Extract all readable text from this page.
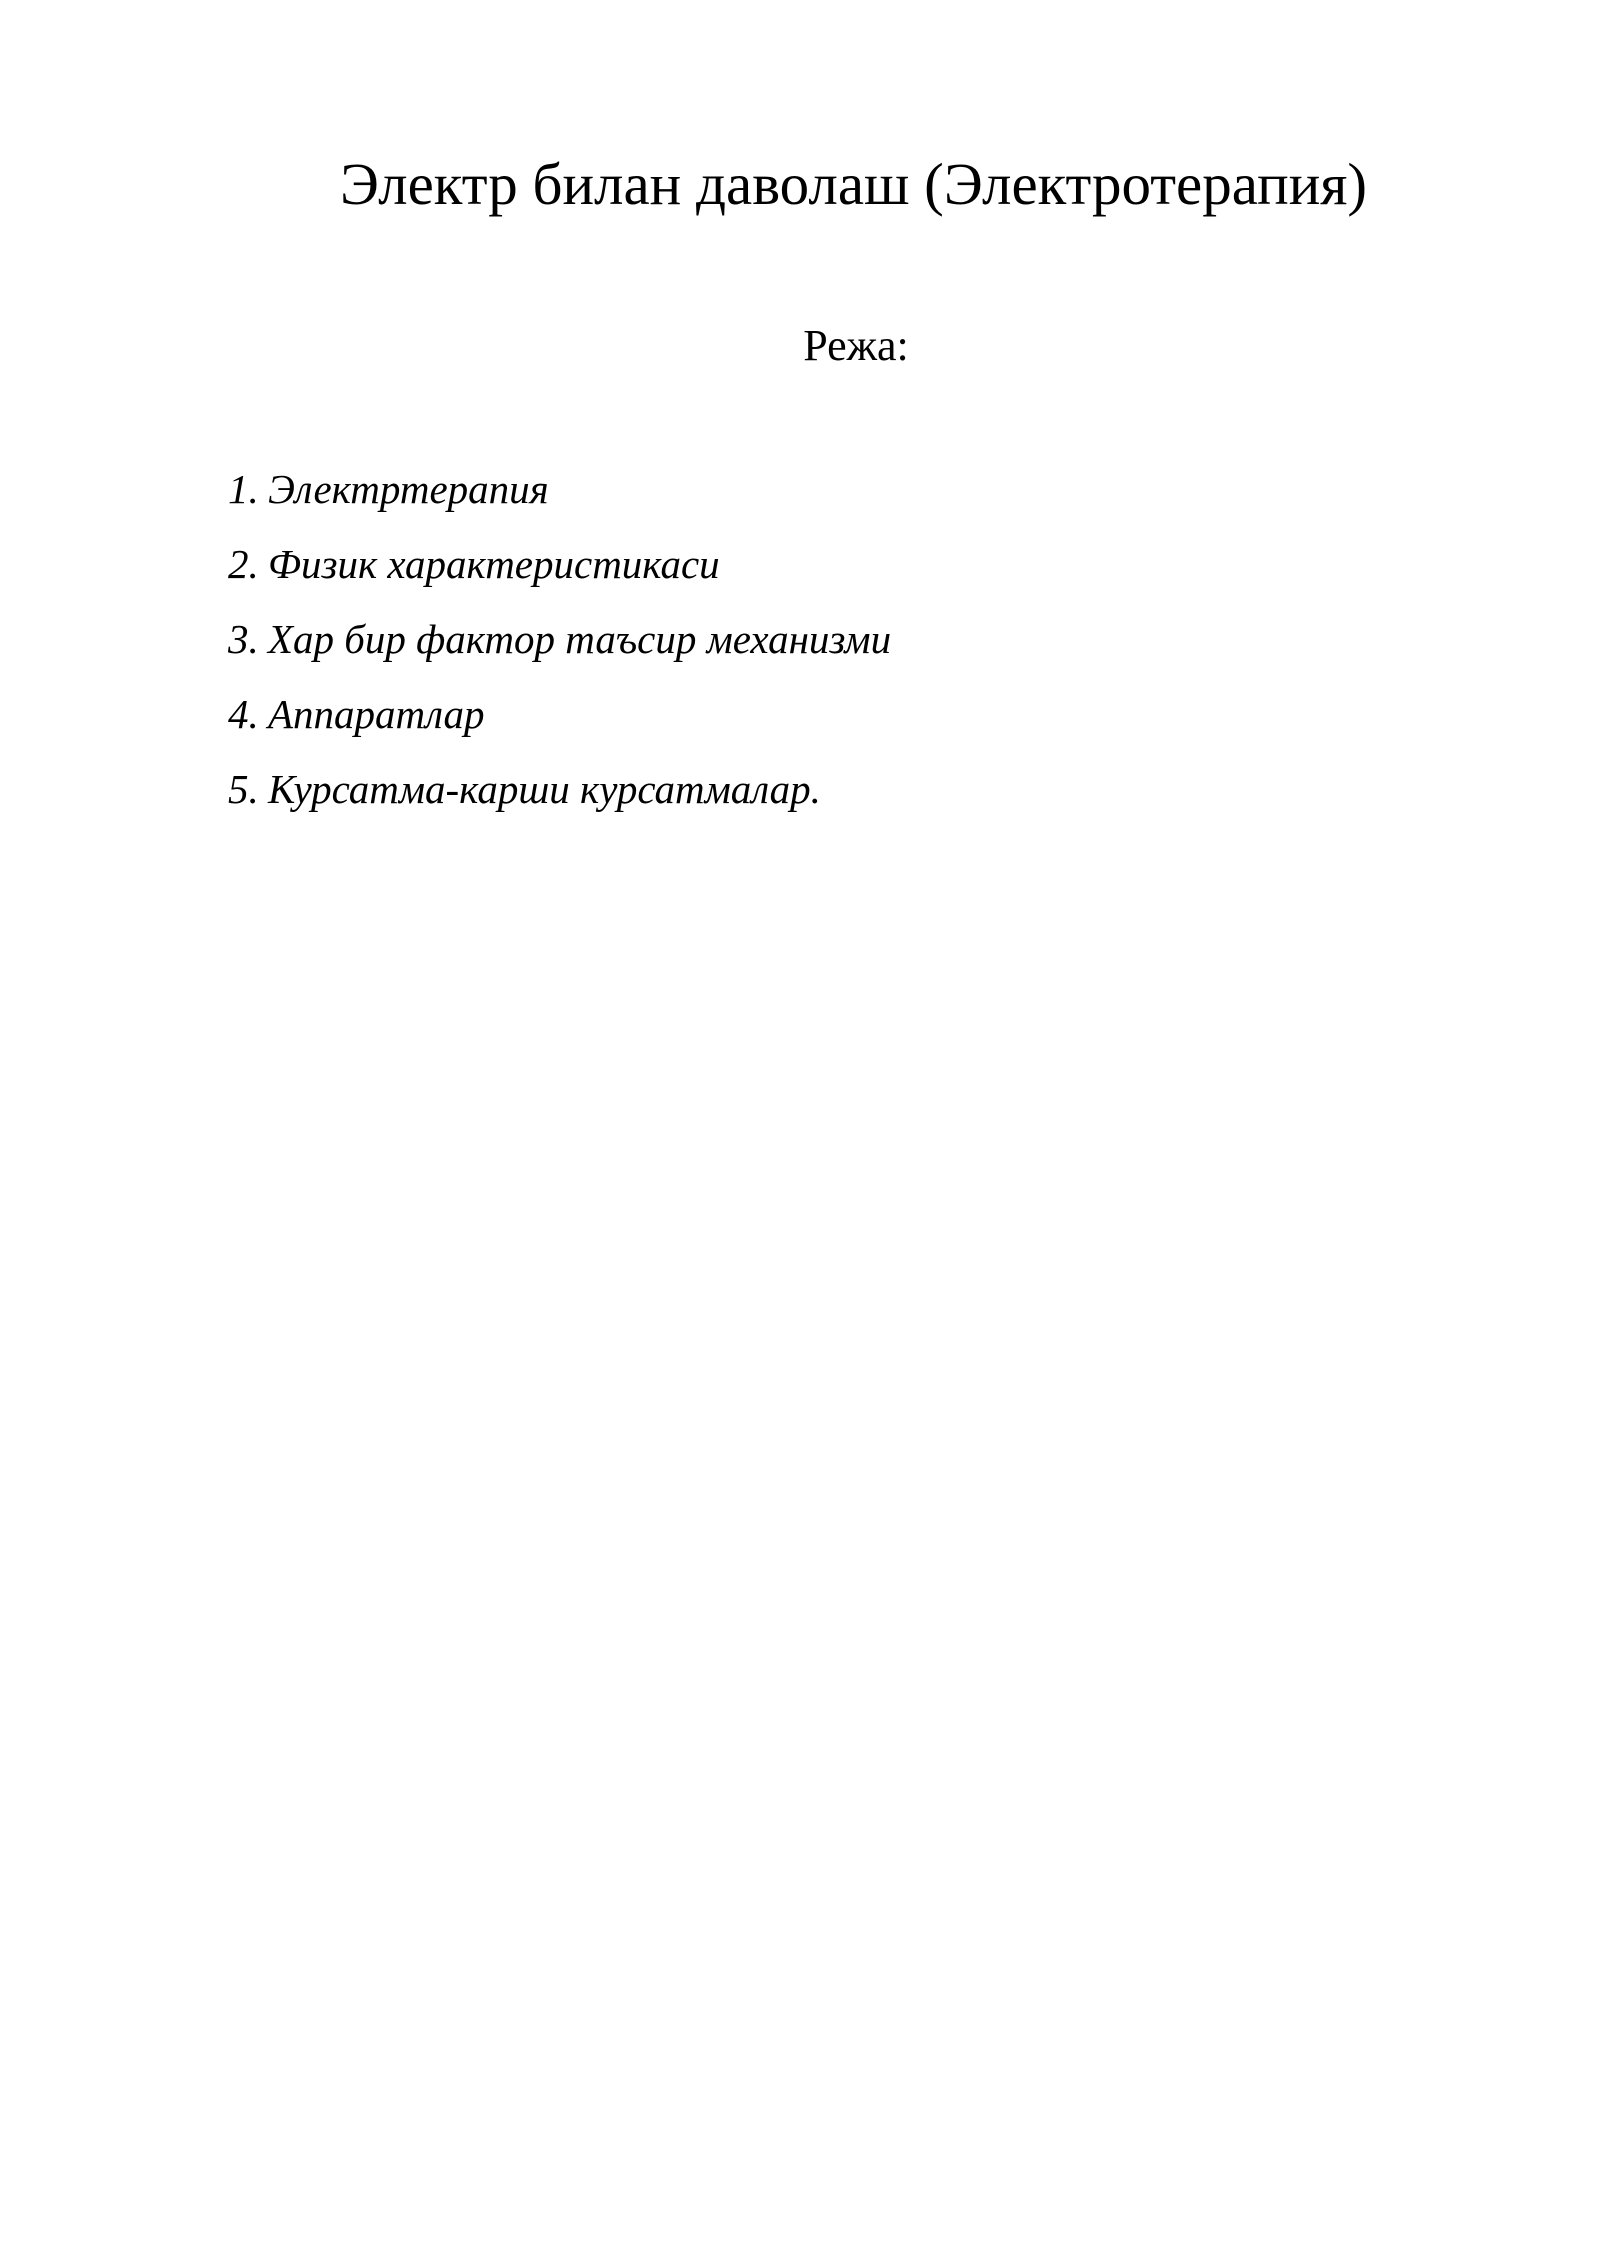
Электр билан даволаш (Электротерапия)
Режа:
1. Электртерапия
2. Физик характеристикаси
3. Хар бир фактор таъсир механизми
4. Аппаратлар
5. Курсатма-карши курсатмалар.
